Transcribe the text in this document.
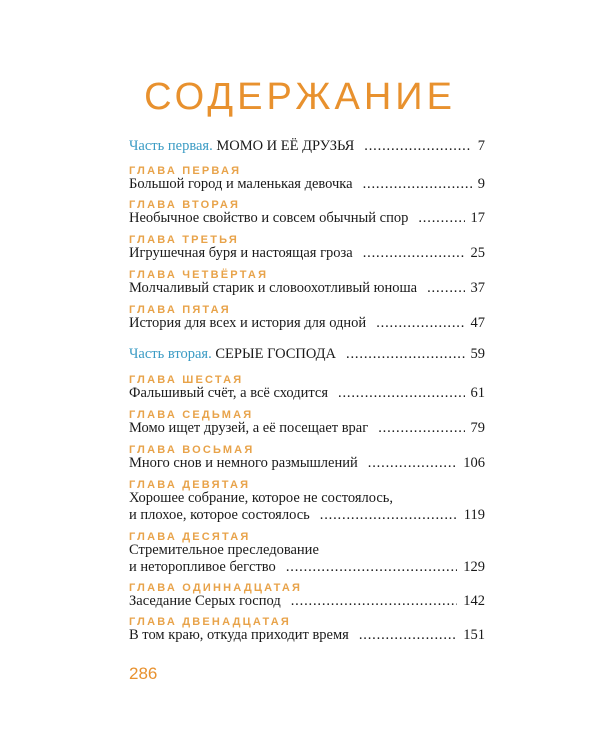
СОДЕРЖАНИЕ
Часть первая. МОМО И ЕЁ ДРУЗЬЯ . . .	7
ГЛАВА ПЕРВАЯ
Большой город и маленькая девочка . . .	9
ГЛАВА ВТОРАЯ
Необычное свойство и совсем обычный спор . . .	17
ГЛАВА ТРЕТЬЯ
Игрушечная буря и настоящая гроза . . .	25
ГЛАВА ЧЕТВЁРТАЯ
Молчаливый старик и словоохотливый юноша . . .	37
ГЛАВА ПЯТАЯ
История для всех и история для одной . . .	47
Часть вторая. СЕРЫЕ ГОСПОДА . . .	59
ГЛАВА ШЕСТАЯ
Фальшивый счёт, а всё сходится . . .	61
ГЛАВА СЕДЬМАЯ
Момо ищет друзей, а её посещает враг . . .	79
ГЛАВА ВОСЬМАЯ
Много снов и немного размышлений . . .	106
ГЛАВА ДЕВЯТАЯ
Хорошее собрание, которое не состоялось,
и плохое, которое состоялось . . .	119
ГЛАВА ДЕСЯТАЯ
Стремительное преследование
и неторопливое бегство . . .	129
ГЛАВА ОДИННАДЦАТАЯ
Заседание Серых господ . . .	142
ГЛАВА ДВЕНАДЦАТАЯ
В том краю, откуда приходит время . . .	151
286
